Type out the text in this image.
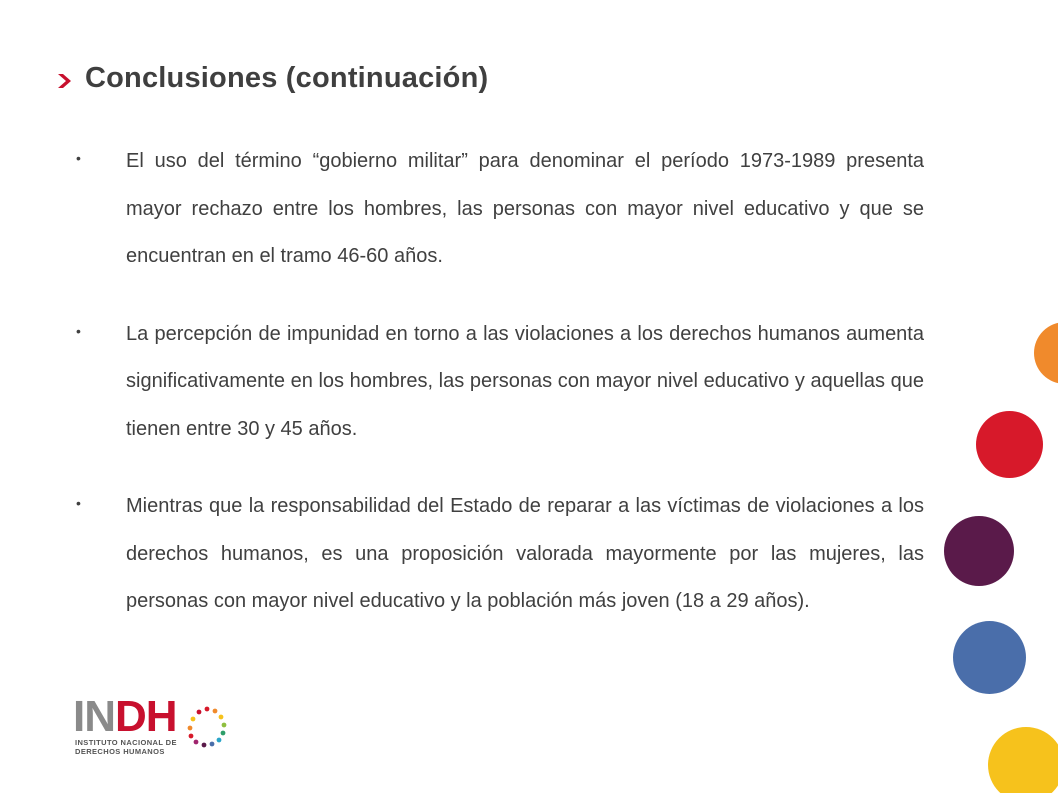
Conclusiones (continuación)
• El uso del término “gobierno militar” para denominar el período 1973-1989 presenta mayor rechazo entre los hombres, las personas con mayor nivel educativo y que se encuentran en el tramo 46-60 años.
• La percepción de impunidad en torno a las violaciones a los derechos humanos aumenta significativamente en los hombres, las personas con mayor nivel educativo y aquellas que tienen entre 30 y 45 años.
• Mientras que la responsabilidad del Estado de reparar a las víctimas de violaciones a los derechos humanos, es una proposición valorada mayormente por las mujeres, las personas con mayor nivel educativo y la población más joven (18 a 29 años).
INDH
INSTITUTO NACIONAL DE
DERECHOS HUMANOS
